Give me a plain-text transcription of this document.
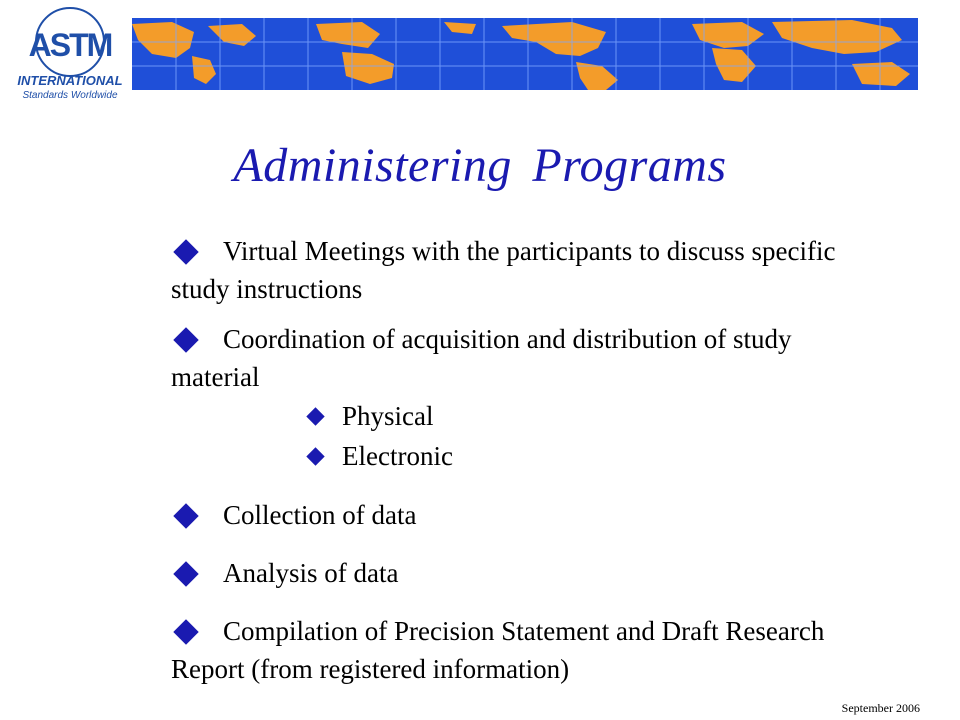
ASTM
INTERNATIONAL
Standards Worldwide
Administering Programs
Virtual Meetings with the participants to discuss specific study instructions
Coordination of acquisition and distribution of study material
Physical
Electronic
Collection of data
Analysis of data
Compilation of Precision Statement and Draft Research Report (from registered information)
September 2006
